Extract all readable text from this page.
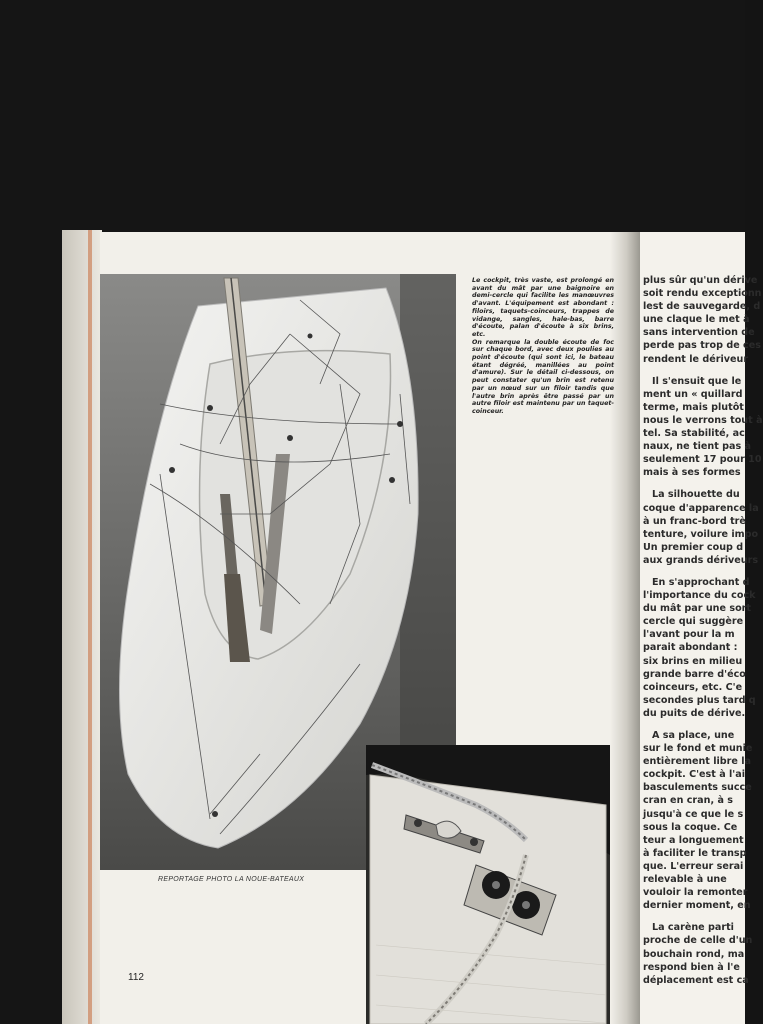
Le cockpit, très vaste, est prolongé en avant du mât par une baignoire en demi-cercle qui facilite les manœuvres d'avant. L'équipement est abondant : filoirs, taquets-coinceurs, trappes de vidange, sangles, hale-bas, barre d'écoute, palan d'écoute à six brins, etc.

On remarque la double écoute de foc sur chaque bord, avec deux poulies au point d'écoute (qui sont ici, le bateau étant dégréé, manillées au point d'amure). Sur le détail ci-dessous, on peut constater qu'un brin est retenu par un nœud sur un filoir tandis que l'autre brin après être passé par un autre filoir est maintenu par un taquet-coinceur.

REPORTAGE PHOTO LA NOUE-BATEAUX
112
plus sûr qu'un dérive
soit rendu exceptionn
lest de sauvegarde, d
une claque le met à
sans intervention de
perde pas trop de ces
rendent le dériveur
Il s'ensuit que le
ment un « quillard
terme, mais plutôt
nous le verrons tout à
tel. Sa stabilité, ac
naux, ne tient pas à
seulement 17 pour 10
mais à ses formes
La silhouette du
coque d'apparence la
à un franc-bord trè
tenture, voilure impo
Un premier coup d
aux grands dériveurs
En s'approchant d
l'importance du cock
du mât par une sort
cercle qui suggère
l'avant pour la m
parait abondant :
six brins en milieu
grande barre d'éco
coinceurs, etc. C'e
secondes plus tard q
du puits de dérive.
A sa place, une
sur le fond et munie
entièrement libre la
cockpit. C'est à l'ai
basculements succe
cran en cran, à s
jusqu'à ce que le s
sous la coque. Ce
teur a longuement
à faciliter le transp
que. L'erreur serai
relevable à une
vouloir la remonter
dernier moment, en
La carène parti
proche de celle d'un
bouchain rond, ma
respond bien à l'e
déplacement est ca
